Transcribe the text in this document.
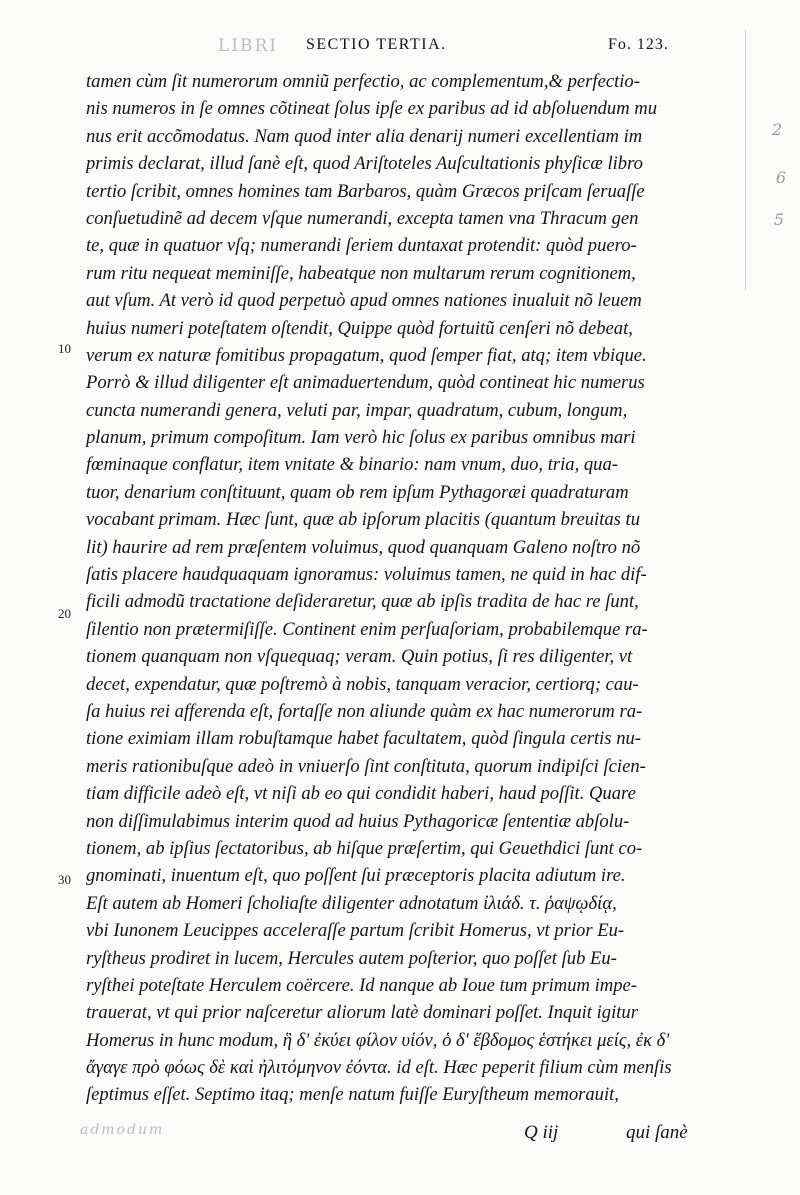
LIBRI
admodum
2
6
5
SECTIO TERTIA.	Fo. 123.
10
20
30
tamen cùm ſit numerorum omniũ perfectio, ac complementum,& perfectio-
nis numeros in ſe omnes cõtineat ſolus ipſe ex paribus ad id abſoluendum mu
nus erit accõmodatus. Nam quod inter alia denarij numeri excellentiam im
primis declarat, illud ſanè eſt, quod Ariſtoteles Auſcultationis phyſicæ libro
tertio ſcribit, omnes homines tam Barbaros, quàm Græcos priſcam ſeruaſſe
conſuetudinẽ ad decem vſque numerandi, excepta tamen vna Thracum gen
te, quæ in quatuor vſq; numerandi ſeriem duntaxat protendit: quòd puero-
rum ritu nequeat meminiſſe, habeatque non multarum rerum cognitionem,
aut vſum. At verò id quod perpetuò apud omnes nationes inualuit nõ leuem
huius numeri poteſtatem oſtendit, Quippe quòd fortuitũ cenſeri nõ debeat,
verum ex naturæ fomitibus propagatum, quod ſemper fiat, atq; item vbique.
Porrò & illud diligenter eſt animaduertendum, quòd contineat hic numerus
cuncta numerandi genera, veluti par, impar, quadratum, cubum, longum,
planum, primum compoſitum. Iam verò hic ſolus ex paribus omnibus mari
fœminaque conflatur, item vnitate & binario: nam vnum, duo, tria, qua-
tuor, denarium conſtituunt, quam ob rem ipſum Pythagoræi quadraturam
vocabant primam. Hæc ſunt, quæ ab ipſorum placitis (quantum breuitas tu
lit) haurire ad rem præſentem voluimus, quod quanquam Galeno noſtro nõ
ſatis placere haudquaquam ignoramus: voluimus tamen, ne quid in hac dif-
ficili admodũ tractatione deſideraretur, quæ ab ipſis tradita de hac re ſunt,
ſilentio non prætermiſiſſe. Continent enim perſuaſoriam, probabilemque ra-
tionem quanquam non vſquequaq; veram. Quin potius, ſi res diligenter, vt
decet, expendatur, quæ poſtremò à nobis, tanquam veracior, certiorq; cau-
ſa huius rei afferenda eſt, fortaſſe non aliunde quàm ex hac numerorum ra-
tione eximiam illam robuſtamque habet facultatem, quòd ſingula certis nu-
meris rationibuſque adeò in vniuerſo ſint conſtituta, quorum indipiſci ſcien-
tiam difficile adeò eſt, vt niſi ab eo qui condidit haberi, haud poſſit. Quare
non diſſimulabimus interim quod ad huius Pythagoricæ ſententiæ abſolu-
tionem, ab ipſius ſectatoribus, ab hiſque præſertim, qui Geuethdici ſunt co-
gnominati, inuentum eſt, quo poſſent ſui præceptoris placita adiutum ire.
Eſt autem ab Homeri ſcholiaſte diligenter adnotatum ἰλιάδ. τ. ῥαψῳδίᾳ,
vbi Iunonem Leucippes acceleraſſe partum ſcribit Homerus, vt prior Eu-
ryſtheus prodiret in lucem, Hercules autem poſterior, quo poſſet ſub Eu-
ryſthei poteſtate Herculem coërcere. Id nanque ab Ioue tum primum impe-
trauerat, vt qui prior naſceretur aliorum latè dominari poſſet. Inquit igitur
Homerus in hunc modum, ἣ δ' ἐκύει φίλον υἱόν, ὁ δ' ἕβδομος ἑστήκει μείς, ἐκ δ'
ἄγαγε πρὸ φόως δὲ καὶ ἠλιτόμηνον ἐόντα. id eſt. Hæc peperit filium cùm menſis
ſeptimus eſſet. Septimo itaq; menſe natum fuiſſe Euryſtheum memorauit,
Q iij	qui ſanè
